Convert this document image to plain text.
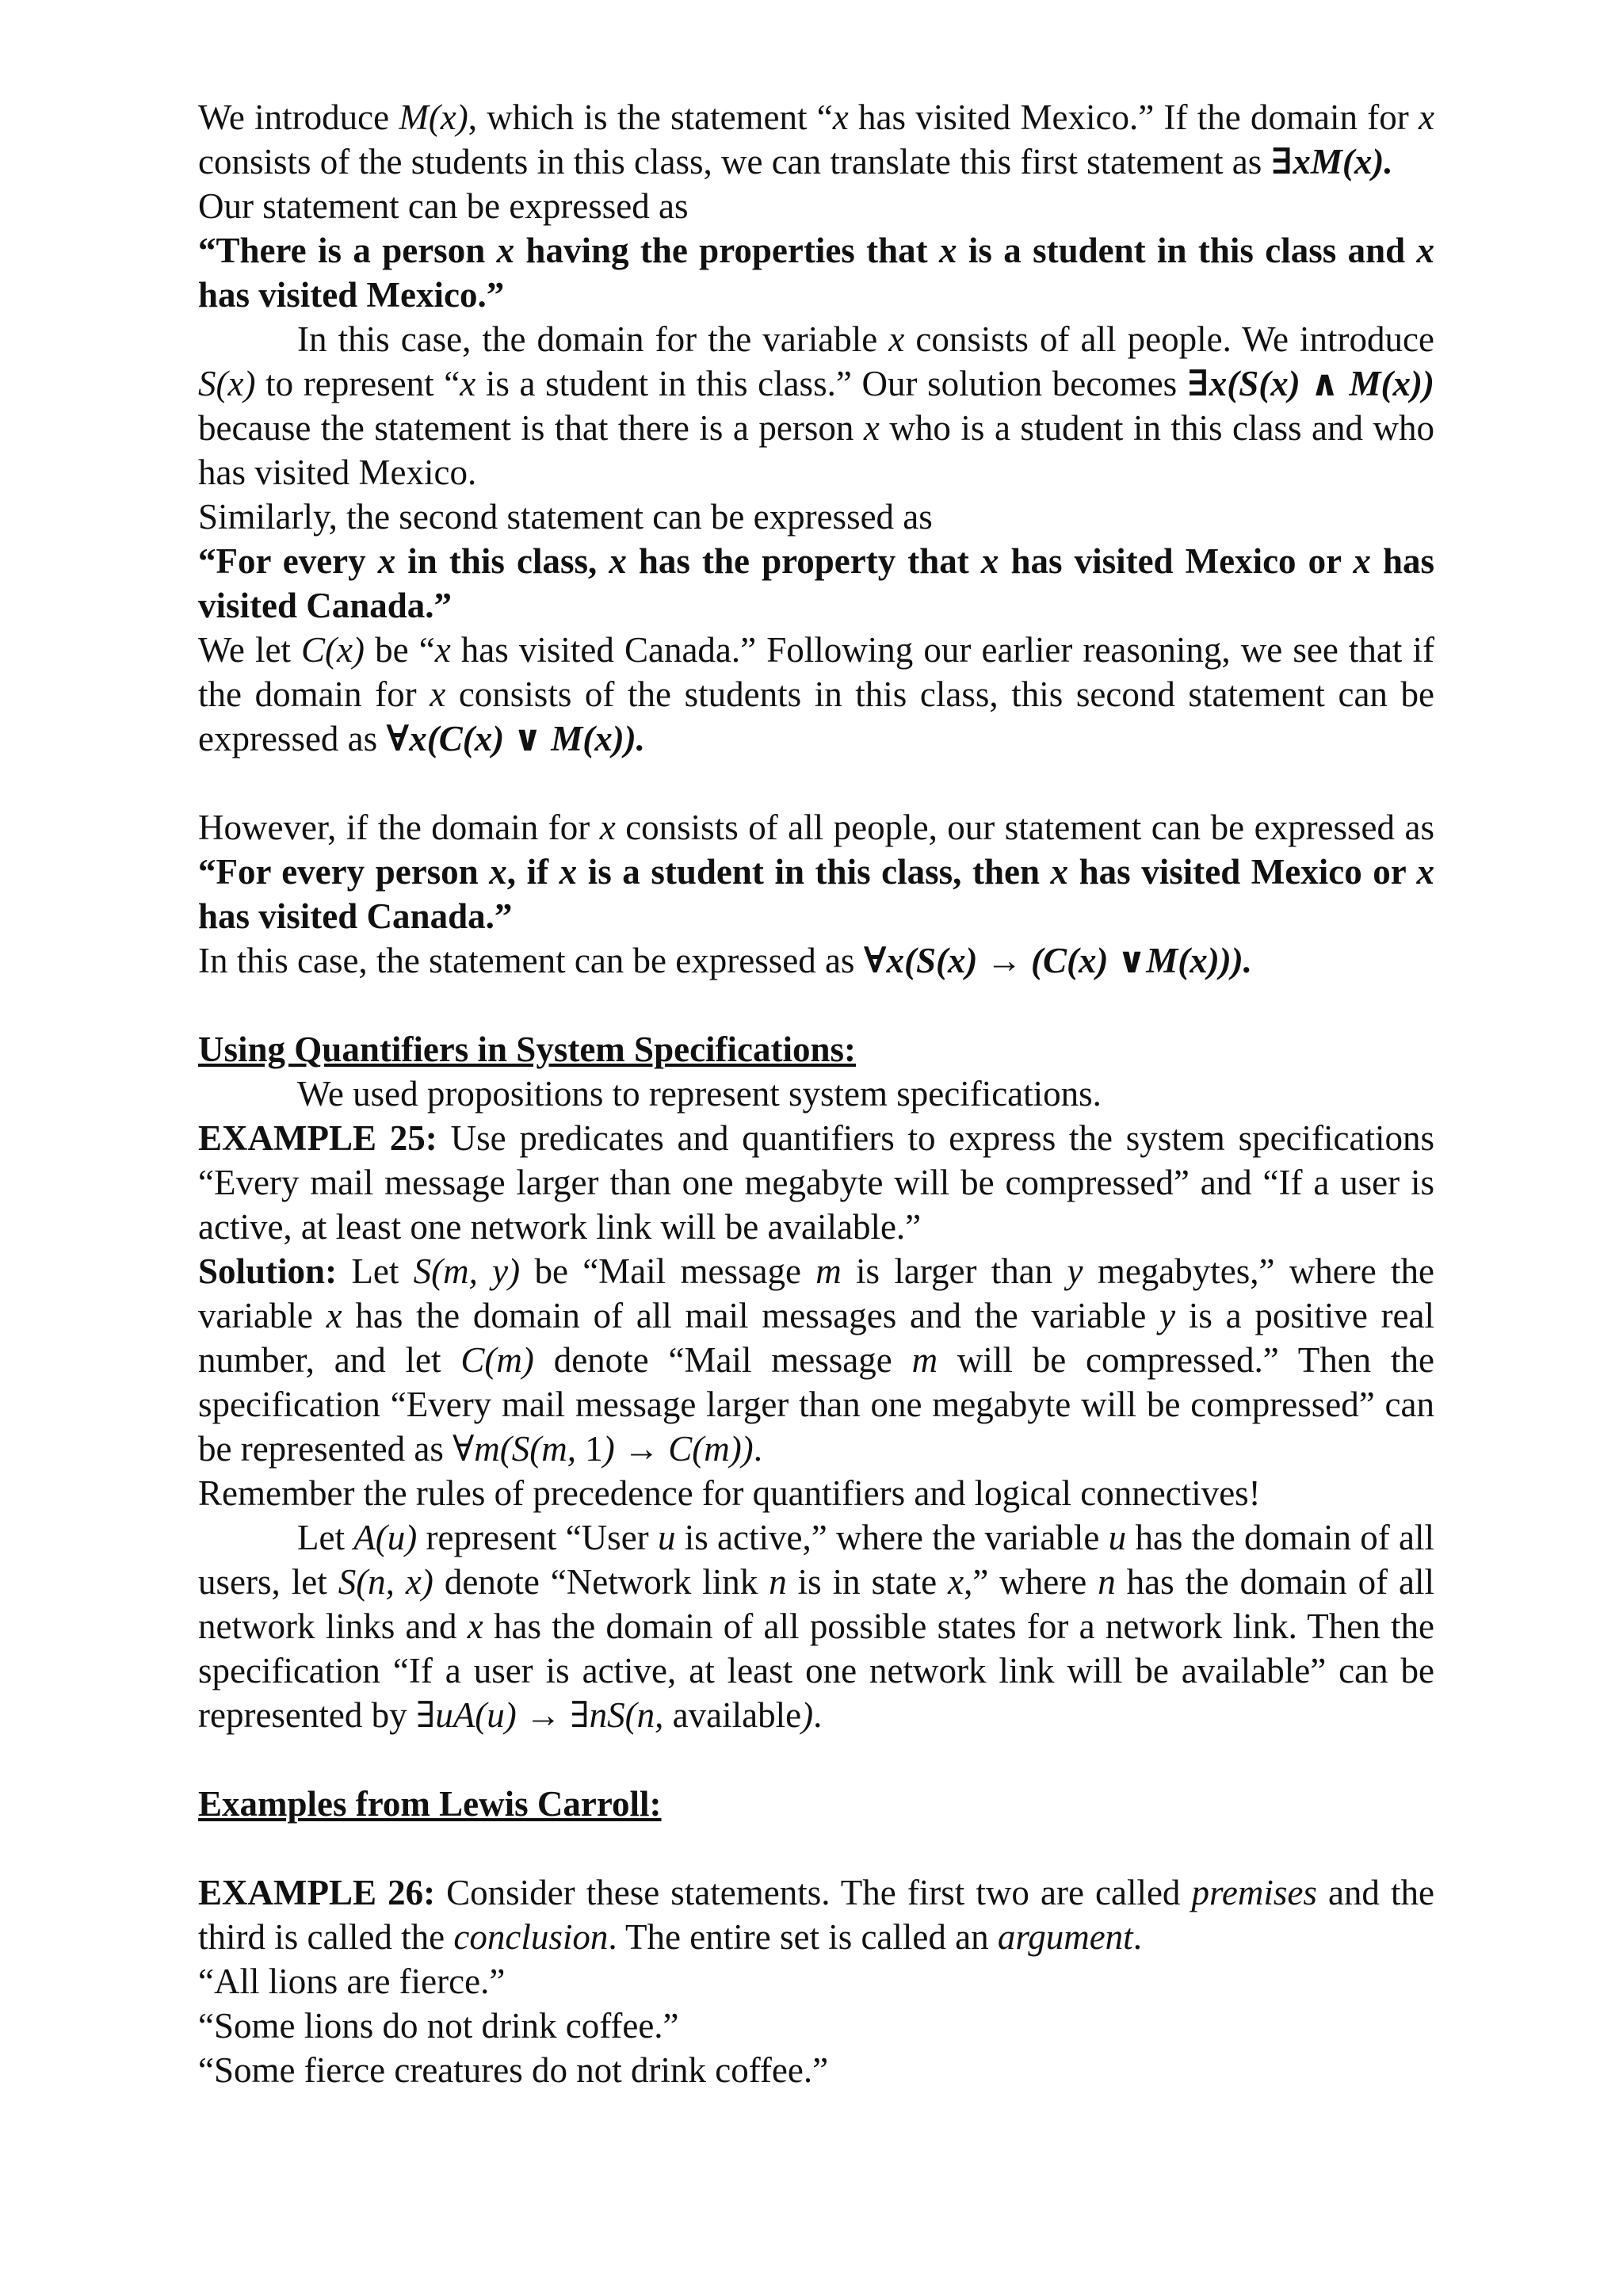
We introduce M(x), which is the statement “x has visited Mexico.” If the domain for x consists of the students in this class, we can translate this first statement as ∃xM(x).

Our statement can be expressed as

“There is a person x having the properties that x is a student in this class and x has visited Mexico.”

In this case, the domain for the variable x consists of all people. We introduce S(x) to represent “x is a student in this class.” Our solution becomes ∃x(S(x) ∧ M(x)) because the statement is that there is a person x who is a student in this class and who has visited Mexico.

Similarly, the second statement can be expressed as

“For every x in this class, x has the property that x has visited Mexico or x has visited Canada.”

We let C(x) be “x has visited Canada.” Following our earlier reasoning, we see that if the domain for x consists of the students in this class, this second statement can be expressed as ∀x(C(x) ∨ M(x)).

However, if the domain for x consists of all people, our statement can be expressed as “For every person x, if x is a student in this class, then x has visited Mexico or x has visited Canada.”

In this case, the statement can be expressed as ∀x(S(x) → (C(x) ∨M(x))).

Using Quantifiers in System Specifications:

We used propositions to represent system specifications.

EXAMPLE 25: Use predicates and quantifiers to express the system specifications “Every mail message larger than one megabyte will be compressed” and “If a user is active, at least one network link will be available.”

Solution: Let S(m, y) be “Mail message m is larger than y megabytes,” where the variable x has the domain of all mail messages and the variable y is a positive real number, and let C(m) denote “Mail message m will be compressed.” Then the specification “Every mail message larger than one megabyte will be compressed” can be represented as ∀m(S(m, 1) → C(m)).

Remember the rules of precedence for quantifiers and logical connectives!

Let A(u) represent “User u is active,” where the variable u has the domain of all users, let S(n, x) denote “Network link n is in state x,” where n has the domain of all network links and x has the domain of all possible states for a network link. Then the specification “If a user is active, at least one network link will be available” can be represented by ∃uA(u) → ∃nS(n, available).

Examples from Lewis Carroll:

EXAMPLE 26: Consider these statements. The first two are called premises and the third is called the conclusion. The entire set is called an argument.

“All lions are fierce.”

“Some lions do not drink coffee.”

“Some fierce creatures do not drink coffee.”
